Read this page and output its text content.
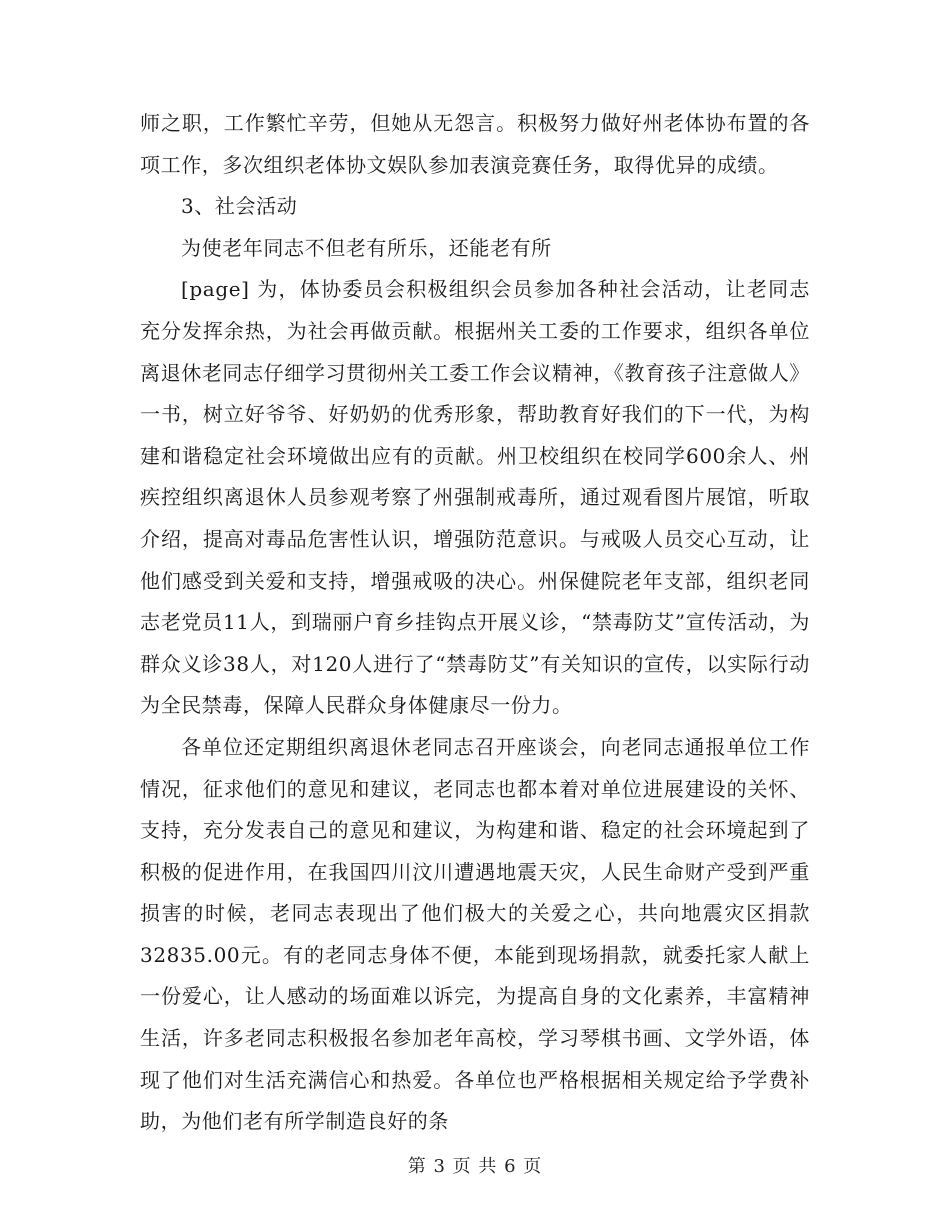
师之职，工作繁忙辛劳，但她从无怨言。积极努力做好州老体协布置的各项工作，多次组织老体协文娱队参加表演竞赛任务，取得优异的成绩。

3、社会活动

为使老年同志不但老有所乐，还能老有所

[page] 为，体协委员会积极组织会员参加各种社会活动，让老同志充分发挥余热，为社会再做贡献。根据州关工委的工作要求，组织各单位离退休老同志仔细学习贯彻州关工委工作会议精神，《教育孩子注意做人》一书，树立好爷爷、好奶奶的优秀形象，帮助教育好我们的下一代，为构建和谐稳定社会环境做出应有的贡献。州卫校组织在校同学600余人、州疾控组织离退休人员参观考察了州强制戒毒所，通过观看图片展馆，听取介绍，提高对毒品危害性认识，增强防范意识。与戒吸人员交心互动，让他们感受到关爱和支持，增强戒吸的决心。州保健院老年支部，组织老同志老党员11人，到瑞丽户育乡挂钩点开展义诊，“禁毒防艾”宣传活动，为群众义诊38人，对120人进行了“禁毒防艾”有关知识的宣传，以实际行动为全民禁毒，保障人民群众身体健康尽一份力。

各单位还定期组织离退休老同志召开座谈会，向老同志通报单位工作情况，征求他们的意见和建议，老同志也都本着对单位进展建设的关怀、支持，充分发表自己的意见和建议，为构建和谐、稳定的社会环境起到了积极的促进作用，在我国四川汶川遭遇地震天灾，人民生命财产受到严重损害的时候，老同志表现出了他们极大的关爱之心，共向地震灾区捐款32835.00元。有的老同志身体不便，本能到现场捐款，就委托家人献上一份爱心，让人感动的场面难以诉完，为提高自身的文化素养，丰富精神生活，许多老同志积极报名参加老年高校，学习琴棋书画、文学外语，体现了他们对生活充满信心和热爱。各单位也严格根据相关规定给予学费补助，为他们老有所学制造良好的条

第 3 页 共 6 页
